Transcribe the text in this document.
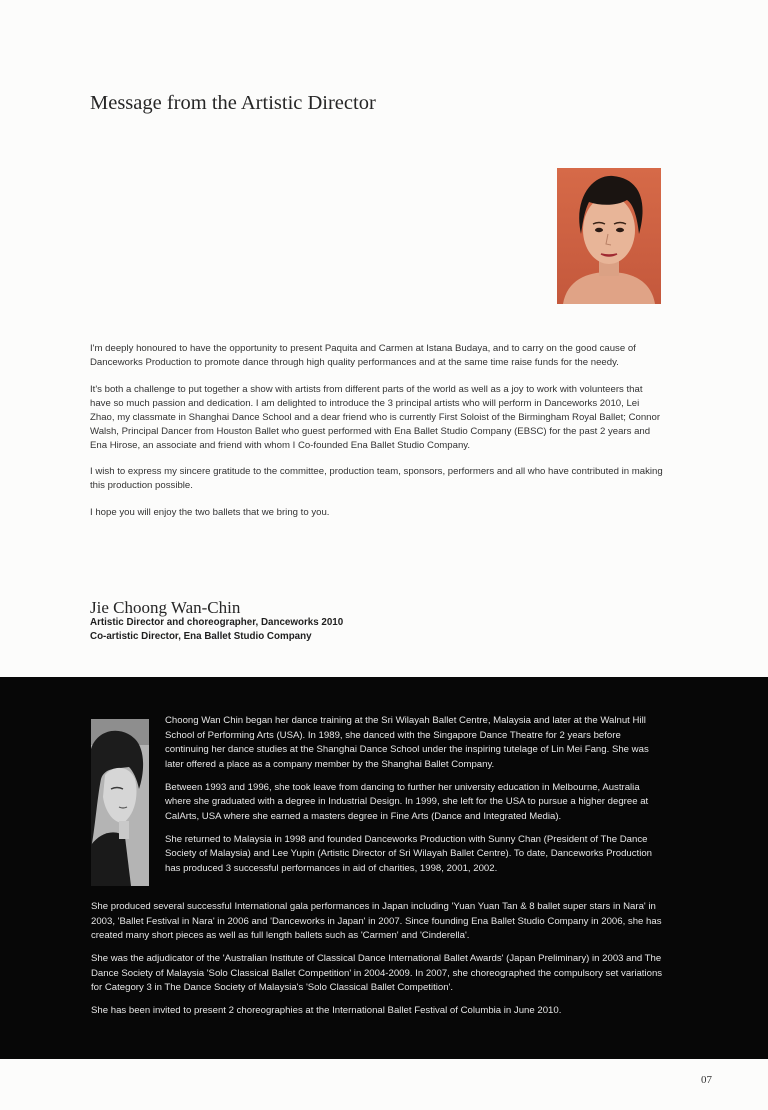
Message from the Artistic Director

I'm deeply honoured to have the opportunity to present Paquita and Carmen at Istana Budaya, and to carry on the good cause of Danceworks Production to promote dance through high quality performances and at the same time raise funds for the needy.

It's both a challenge to put together a show with artists from different parts of the world as well as a joy to work with volunteers that have so much passion and dedication. I am delighted to introduce the 3 principal artists who will perform in Danceworks 2010, Lei Zhao, my classmate in Shanghai Dance School and a dear friend who is currently First Soloist of the Birmingham Royal Ballet; Connor Walsh, Principal Dancer from Houston Ballet who guest performed with Ena Ballet Studio Company (EBSC) for the past 2 years and Ena Hirose, an associate and friend with whom I Co-founded Ena Ballet Studio Company.

I wish to express my sincere gratitude to the committee, production team, sponsors, performers and all who have contributed in making this production possible.

I hope you will enjoy the two ballets that we bring to you.

Jie Choong Wan-Chin
Artistic Director and choreographer, Danceworks 2010
Co-artistic Director, Ena Ballet Studio Company

Choong Wan Chin began her dance training at the Sri Wilayah Ballet Centre, Malaysia and later at the Walnut Hill School of Performing Arts (USA). In 1989, she danced with the Singapore Dance Theatre for 2 years before continuing her dance studies at the Shanghai Dance School under the inspiring tutelage of Lin Mei Fang. She was later offered a place as a company member by the Shanghai Ballet Company.

Between 1993 and 1996, she took leave from dancing to further her university education in Melbourne, Australia where she graduated with a degree in Industrial Design. In 1999, she left for the USA to pursue a higher degree at CalArts, USA where she earned a masters degree in Fine Arts (Dance and Integrated Media).

She returned to Malaysia in 1998 and founded Danceworks Production with Sunny Chan (President of The Dance Society of Malaysia) and Lee Yupin (Artistic Director of Sri Wilayah Ballet Centre). To date, Danceworks Production has produced 3 successful performances in aid of charities, 1998, 2001, 2002.

She produced several successful International gala performances in Japan including 'Yuan Yuan Tan & 8 ballet super stars in Nara' in 2003, 'Ballet Festival in Nara' in 2006 and 'Danceworks in Japan' in 2007. Since founding Ena Ballet Studio Company in 2006, she has created many short pieces as well as full length ballets such as 'Carmen' and 'Cinderella'.

She was the adjudicator of the 'Australian Institute of Classical Dance International Ballet Awards' (Japan Preliminary) in 2003 and The Dance Society of Malaysia 'Solo Classical Ballet Competition' in 2004-2009. In 2007, she choreographed the compulsory set variations for Category 3 in The Dance Society of Malaysia's 'Solo Classical Ballet Competition'.

She has been invited to present 2 choreographies at the International Ballet Festival of Columbia in June 2010.

07
